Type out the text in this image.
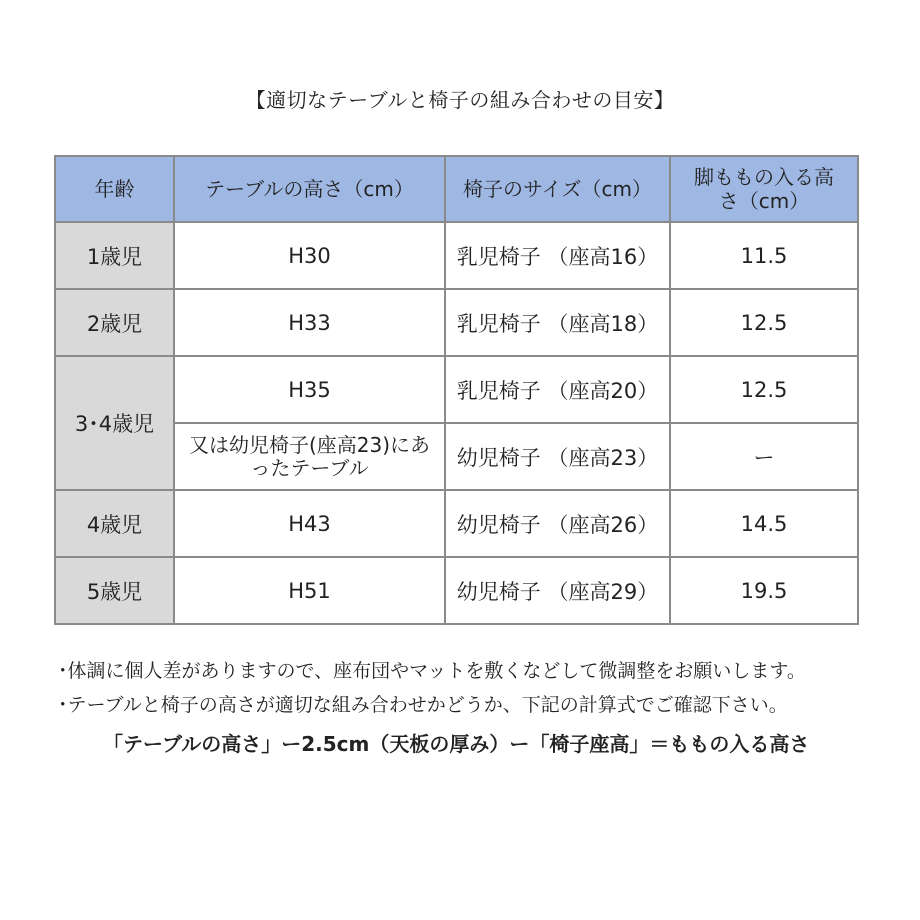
【適切なテーブルと椅子の組み合わせの目安】
年齢	テーブルの高さ（cm）	椅子のサイズ（cm）	脚ももの入る高さ（cm）
1歳児	H30	乳児椅子 （座高16）	11.5
2歳児	H33	乳児椅子 （座高18）	12.5
3･4歳児	H35	乳児椅子 （座高20）	12.5
	又は幼児椅子(座高23)にあったテーブル	幼児椅子 （座高23）	ー
4歳児	H43	幼児椅子 （座高26）	14.5
5歳児	H51	幼児椅子 （座高29）	19.5
･体調に個人差がありますので、座布団やマットを敷くなどして微調整をお願いします。
･テーブルと椅子の高さが適切な組み合わせかどうか、下記の計算式でご確認下さい。
「テーブルの高さ」ー2.5cm（天板の厚み）ー「椅子座高」＝ももの入る高さ
